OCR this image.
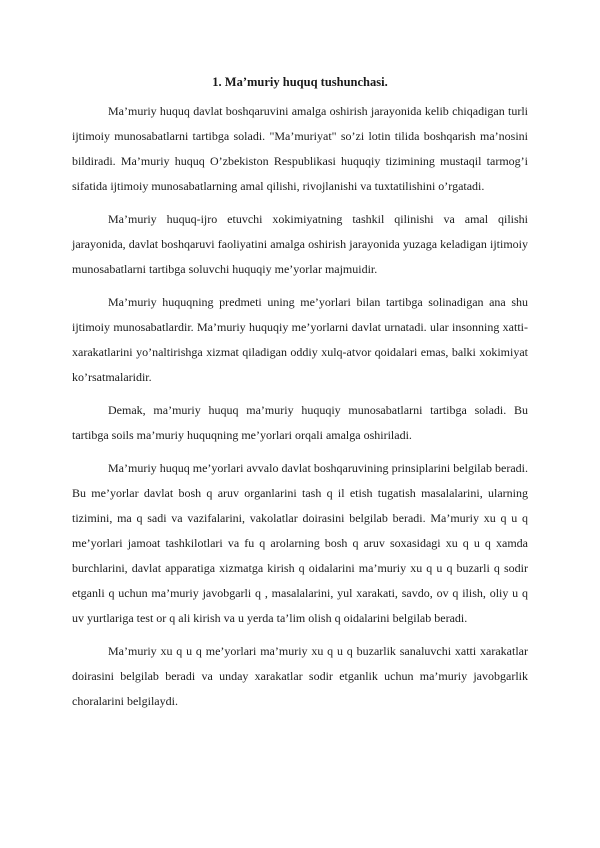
1. Ma’muriy huquq tushunchasi.

Ma’muriy huquq davlat boshqaruvini amalga oshirish jarayonida kelib chiqadigan turli ijtimoiy munosabatlarni tartibga soladi. "Ma’muriyat" so’zi lotin tilida boshqarish ma’nosini bildiradi. Ma’muriy huquq O’zbekiston Respublikasi huquqiy tizimining mustaqil tarmog’i sifatida ijtimoiy munosabatlarning amal qilishi, rivojlanishi va tuxtatilishini o’rgatadi.

Ma’muriy huquq-ijro etuvchi xokimiyatning tashkil qilinishi va amal qilishi jarayonida, davlat boshqaruvi faoliyatini amalga oshirish jarayonida yuzaga keladigan ijtimoiy munosabatlarni tartibga soluvchi huquqiy me’yorlar majmuidir.

Ma’muriy huquqning predmeti uning me’yorlari bilan tartibga solinadigan ana shu ijtimoiy munosabatlardir. Ma’muriy huquqiy me’yorlarni davlat urnatadi. ular insonning xatti-xarakatlarini yo’naltirishga xizmat qiladigan oddiy xulq-atvor qoidalari emas, balki xokimiyat ko’rsatmalaridir.

Demak, ma’muriy huquq ma’muriy huquqiy munosabatlarni tartibga soladi. Bu tartibga soils ma’muriy huquqning me’yorlari orqali amalga oshiriladi.

Ma’muriy huquq me’yorlari avvalo davlat boshqaruvining prinsiplarini belgilab beradi. Bu me’yorlar davlat bosh q aruv organlarini tash q il etish tugatish masalalarini, ularning tizimini, ma q sadi va vazifalarini, vakolatlar doirasini belgilab beradi. Ma’muriy xu q u q me’yorlari jamoat tashkilotlari va fu q arolarning bosh q aruv soxasidagi xu q u q xamda burchlarini, davlat apparatiga xizmatga kirish q oidalarini ma’muriy xu q u q buzarli q sodir etganli q uchun ma’muriy javobgarli q , masalalarini, yul xarakati, savdo, ov q ilish, oliy u q uv yurtlariga test or q ali kirish va u yerda ta’lim olish q oidalarini belgilab beradi.

Ma’muriy xu q u q me’yorlari ma’muriy xu q u q buzarlik sanaluvchi xatti xarakatlar doirasini belgilab beradi va unday xarakatlar sodir etganlik uchun ma’muriy javobgarlik choralarini belgilaydi.
